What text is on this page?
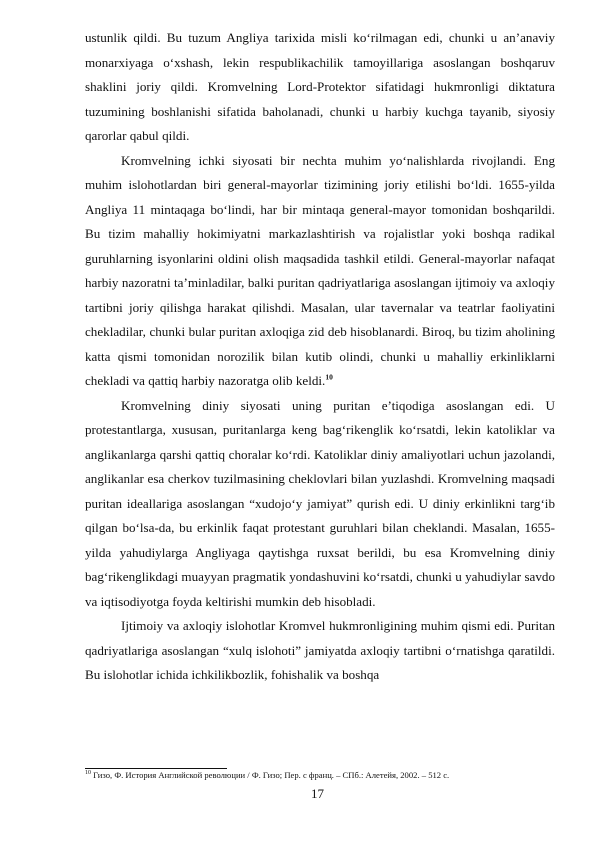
ustunlik qildi. Bu tuzum Angliya tarixida misli ko‘rilmagan edi, chunki u an’anaviy monarxiyaga o‘xshash, lekin respublikachilik tamoyillariga asoslangan boshqaruv shaklini joriy qildi. Kromvelning Lord-Protektor sifatidagi hukmronligi diktatura tuzumining boshlanishi sifatida baholanadi, chunki u harbiy kuchga tayanib, siyosiy qarorlar qabul qildi.

Kromvelning ichki siyosati bir nechta muhim yo‘nalishlarda rivojlandi. Eng muhim islohotlardan biri general-mayorlar tizimining joriy etilishi bo‘ldi. 1655-yilda Angliya 11 mintaqaga bo‘lindi, har bir mintaqa general-mayor tomonidan boshqarildi. Bu tizim mahalliy hokimiyatni markazlashtirish va rojalistlar yoki boshqa radikal guruhlarning isyonlarini oldini olish maqsadida tashkil etildi. General-mayorlar nafaqat harbiy nazoratni ta’minladilar, balki puritan qadriyatlariga asoslangan ijtimoiy va axloqiy tartibni joriy qilishga harakat qilishdi. Masalan, ular tavernalar va teatrlar faoliyatini chekladilar, chunki bular puritan axloqiga zid deb hisoblanardi. Biroq, bu tizim aholining katta qismi tomonidan norozilik bilan kutib olindi, chunki u mahalliy erkinliklarni chekladi va qattiq harbiy nazoratga olib keldi.$^{10}$

Kromvelning diniy siyosati uning puritan e’tiqodiga asoslangan edi. U protestantlarga, xususan, puritanlarga keng bag‘rikenglik ko‘rsatdi, lekin katoliklar va anglikanlarga qarshi qattiq choralar ko‘rdi. Katoliklar diniy amaliyotlari uchun jazolandi, anglikanlar esa cherkov tuzilmasining cheklovlari bilan yuzlashdi. Kromvelning maqsadi puritan ideallariga asoslangan “xudojo‘y jamiyat” qurish edi. U diniy erkinlikni targ‘ib qilgan bo‘lsa-da, bu erkinlik faqat protestant guruhlari bilan cheklandi. Masalan, 1655-yilda yahudiylarga Angliyaga qaytishga ruxsat berildi, bu esa Kromvelning diniy bag‘rikenglikdagi muayyan pragmatik yondashuvini ko‘rsatdi, chunki u yahudiylar savdo va iqtisodiyotga foyda keltirishi mumkin deb hisobladi.

Ijtimoiy va axloqiy islohotlar Kromvel hukmronligining muhim qismi edi. Puritan qadriyatlariga asoslangan “xulq islohoti” jamiyatda axloqiy tartibni o‘rnatishga qaratildi. Bu islohotlar ichida ichkilikbozlik, fohishalik va boshqa

$^{10}$ Гизо, Ф. История Английской революции / Ф. Гизо; Пер. с франц. – СПб.: Алетейя, 2002. – 512 с.
17
